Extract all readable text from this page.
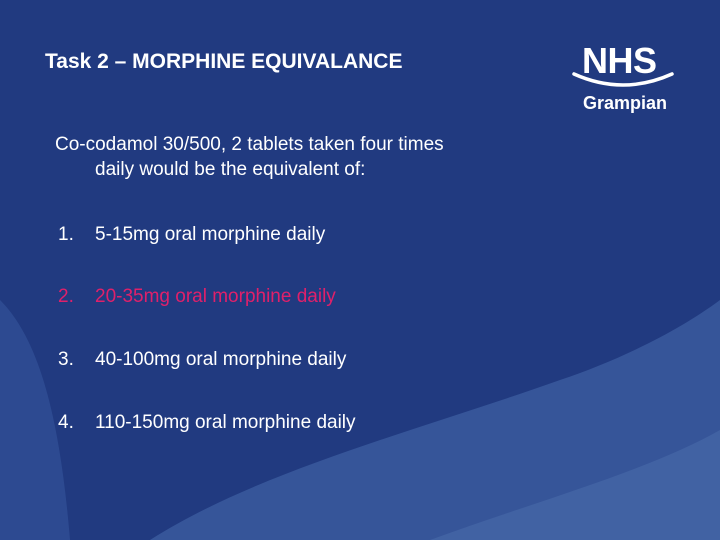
Task 2 – MORPHINE EQUIVALANCE	NHS
Grampian
Co-codamol 30/500, 2 tablets taken four times
daily would be the equivalent of:
1. 5-15mg oral morphine daily
2. 20-35mg oral morphine daily
3. 40-100mg oral morphine daily
4. 110-150mg oral morphine daily
